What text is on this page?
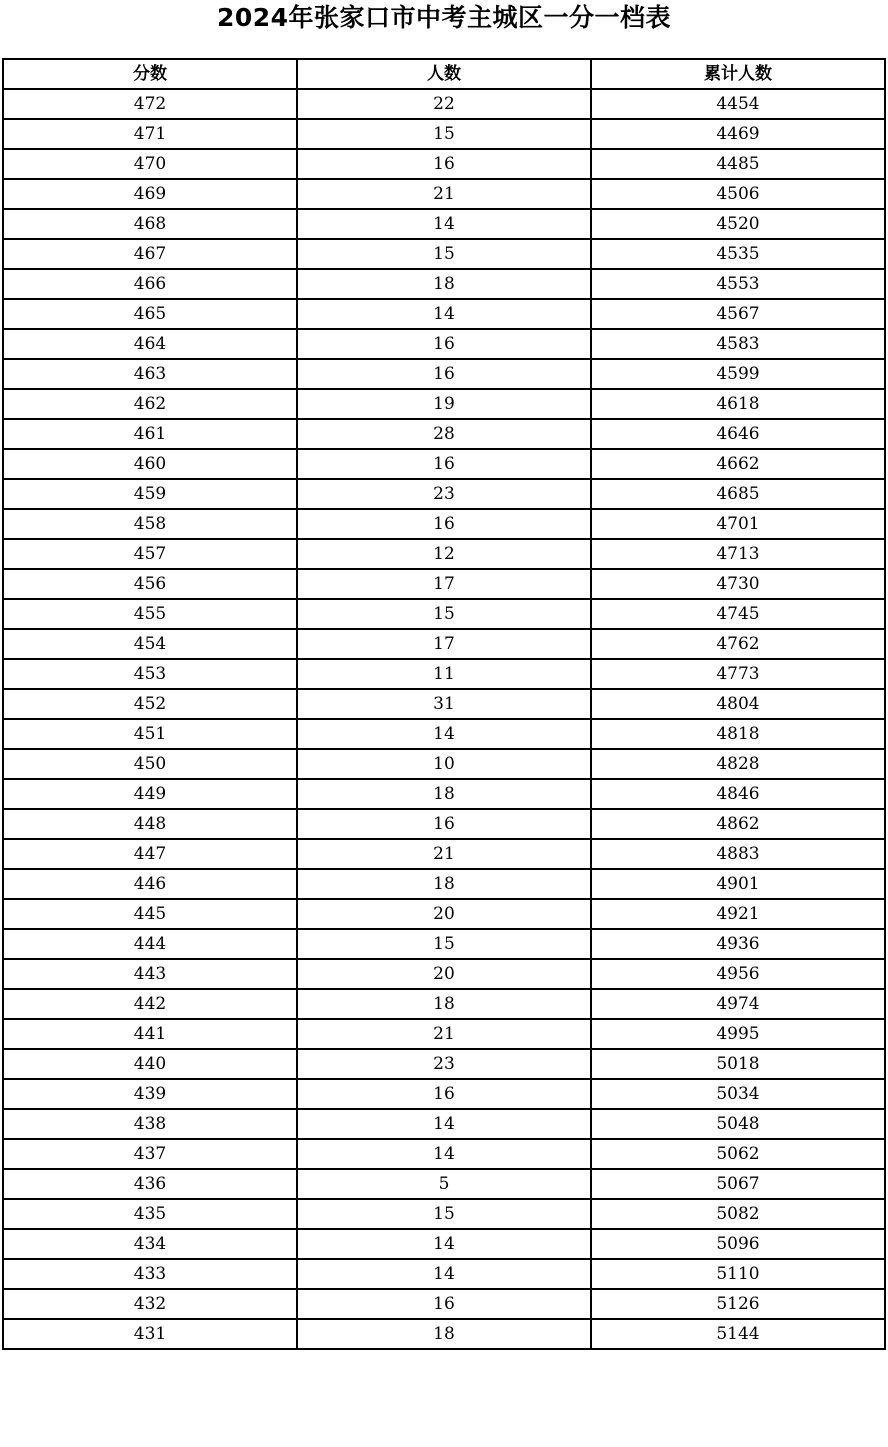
2024年张家口市中考主城区一分一档表
分数	人数	累计人数
472	22	4454
471	15	4469
470	16	4485
469	21	4506
468	14	4520
467	15	4535
466	18	4553
465	14	4567
464	16	4583
463	16	4599
462	19	4618
461	28	4646
460	16	4662
459	23	4685
458	16	4701
457	12	4713
456	17	4730
455	15	4745
454	17	4762
453	11	4773
452	31	4804
451	14	4818
450	10	4828
449	18	4846
448	16	4862
447	21	4883
446	18	4901
445	20	4921
444	15	4936
443	20	4956
442	18	4974
441	21	4995
440	23	5018
439	16	5034
438	14	5048
437	14	5062
436	5	5067
435	15	5082
434	14	5096
433	14	5110
432	16	5126
431	18	5144
